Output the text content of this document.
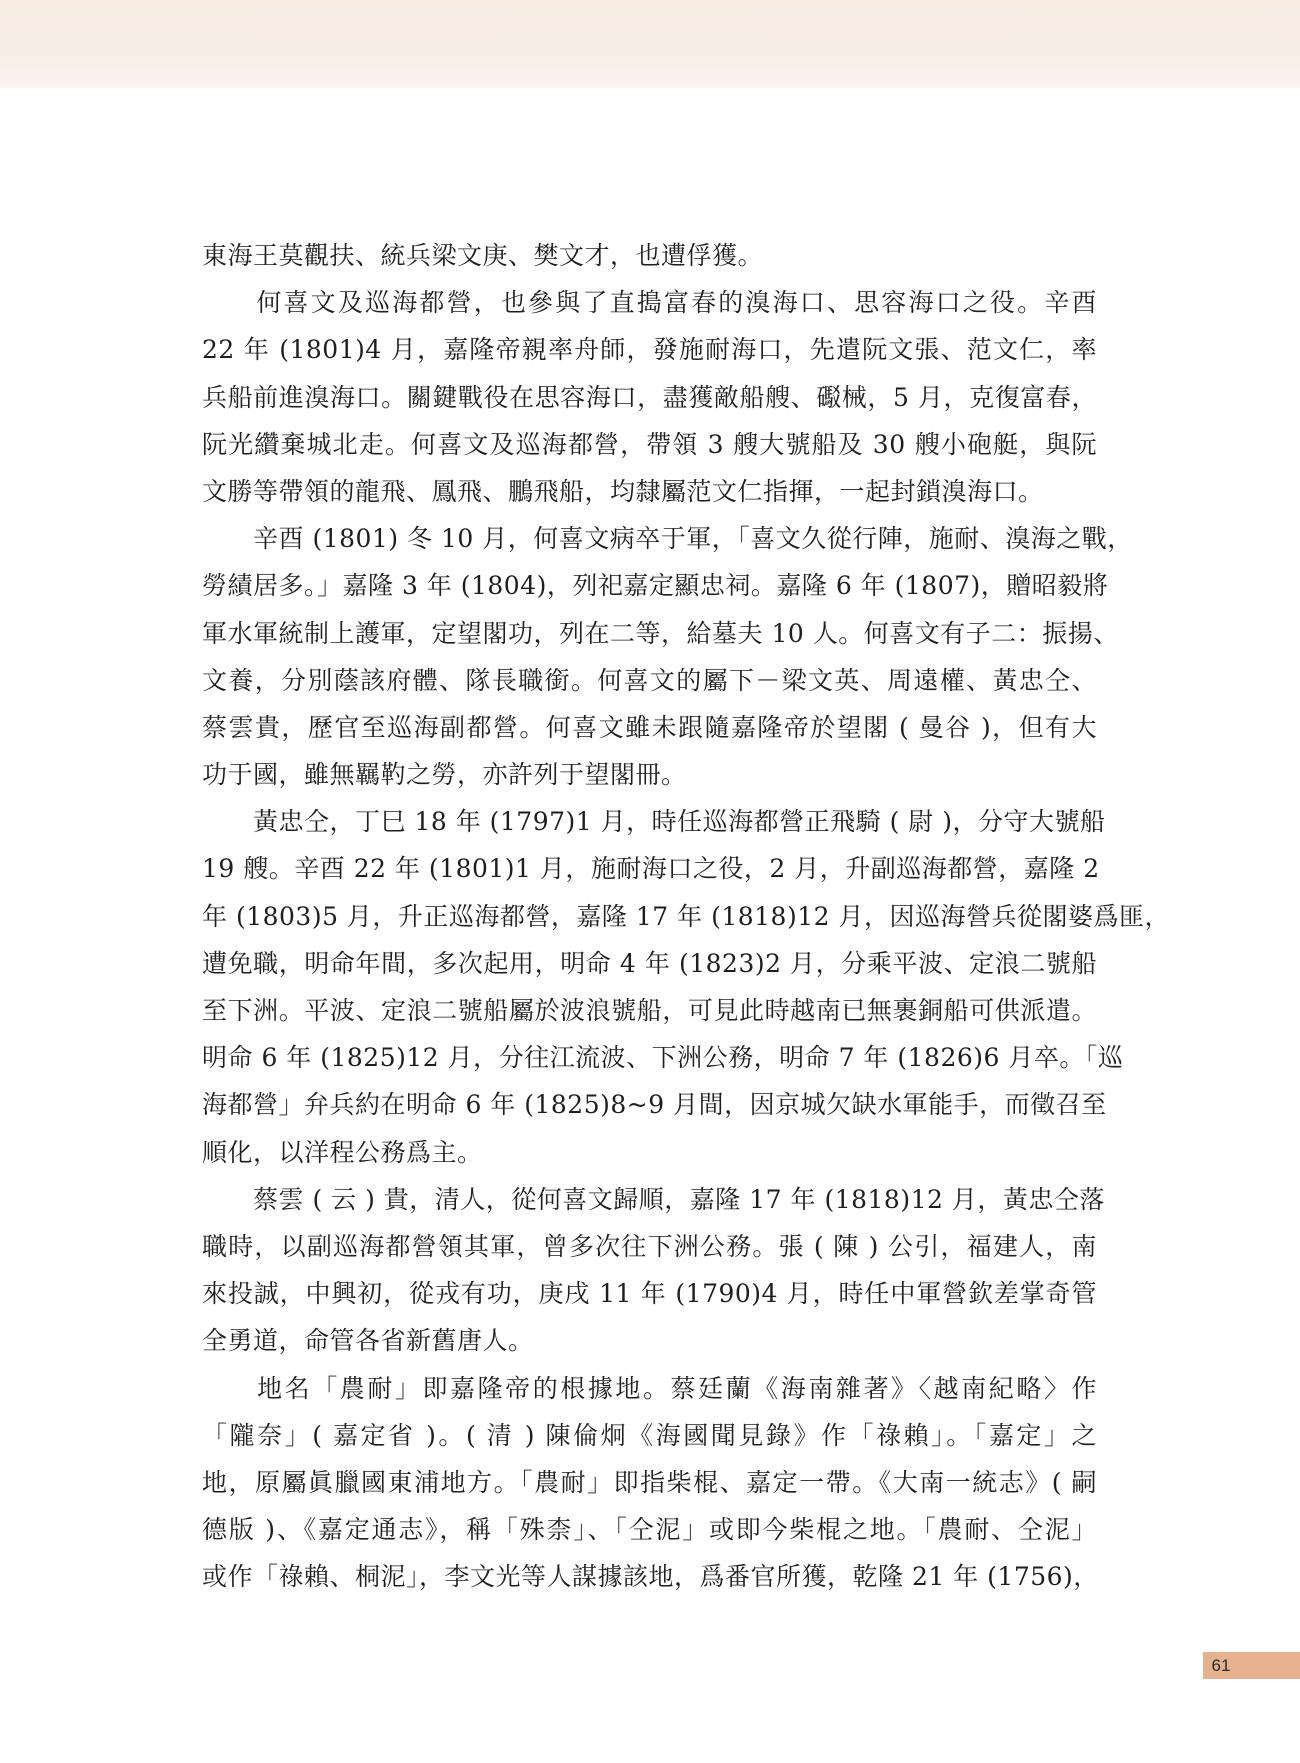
東海王莫觀扶、統兵梁文庚、樊文才，也遭俘獲。
　　何喜文及巡海都營，也參與了直搗富春的溴海口、思容海口之役。辛酉
22 年 (1801)4 月，嘉隆帝親率舟師，發施耐海口，先遣阮文張、范文仁，率
兵船前進溴海口。關鍵戰役在思容海口，盡獲敵船艘、礟械，5 月，克復富春，
阮光纘棄城北走。何喜文及巡海都營，帶領 3 艘大號船及 30 艘小砲艇，與阮
文勝等帶領的龍飛、鳳飛、鵬飛船，均隸屬范文仁指揮，一起封鎖溴海口。
　　辛酉 (1801) 冬 10 月，何喜文病卒于軍，「喜文久從行陣，施耐、溴海之戰，
勞績居多。」嘉隆 3 年 (1804)，列祀嘉定顯忠祠。嘉隆 6 年 (1807)，贈昭毅將
軍水軍統制上護軍，定望閣功，列在二等，給墓夫 10 人。何喜文有子二：振揚、
文養，分別蔭該府體、隊長職銜。何喜文的屬下－梁文英、周遠權、黃忠仝、
蔡雲貴，歷官至巡海副都營。何喜文雖未跟隨嘉隆帝於望閣 ( 曼谷 )，但有大
功于國，雖無羈靮之勞，亦許列于望閣冊。
　　黃忠仝，丁巳 18 年 (1797)1 月，時任巡海都營正飛騎 ( 尉 )，分守大號船
19 艘。辛酉 22 年 (1801)1 月，施耐海口之役，2 月，升副巡海都營，嘉隆 2
年 (1803)5 月，升正巡海都營，嘉隆 17 年 (1818)12 月，因巡海營兵從閣婆爲匪，
遭免職，明命年間，多次起用，明命 4 年 (1823)2 月，分乘平波、定浪二號船
至下洲。平波、定浪二號船屬於波浪號船，可見此時越南已無裹銅船可供派遣。
明命 6 年 (1825)12 月，分往江流波、下洲公務，明命 7 年 (1826)6 月卒。「巡
海都營」弁兵約在明命 6 年 (1825)8~9 月間，因京城欠缺水軍能手，而徵召至
順化，以洋程公務爲主。
　　蔡雲 ( 云 ) 貴，清人，從何喜文歸順，嘉隆 17 年 (1818)12 月，黃忠仝落
職時，以副巡海都營領其軍，曾多次往下洲公務。張 ( 陳 ) 公引，福建人，南
來投誠，中興初，從戎有功，庚戌 11 年 (1790)4 月，時任中軍營欽差掌奇管
全勇道，命管各省新舊唐人。
　　地名「農耐」即嘉隆帝的根據地。蔡廷蘭《海南雜著》〈越南紀略〉作
「隴奈」( 嘉定省 )。( 清 ) 陳倫炯《海國聞見錄》作「祿賴」。「嘉定」之
地，原屬眞臘國東浦地方。「農耐」即指柴棍、嘉定一帶。《大南一統志》( 嗣
德版 )、《嘉定通志》，稱「殊柰」、「仝泥」或即今柴棍之地。「農耐、仝泥」
或作「祿賴、桐泥」，李文光等人謀據該地，爲番官所獲，乾隆 21 年 (1756)，
61
